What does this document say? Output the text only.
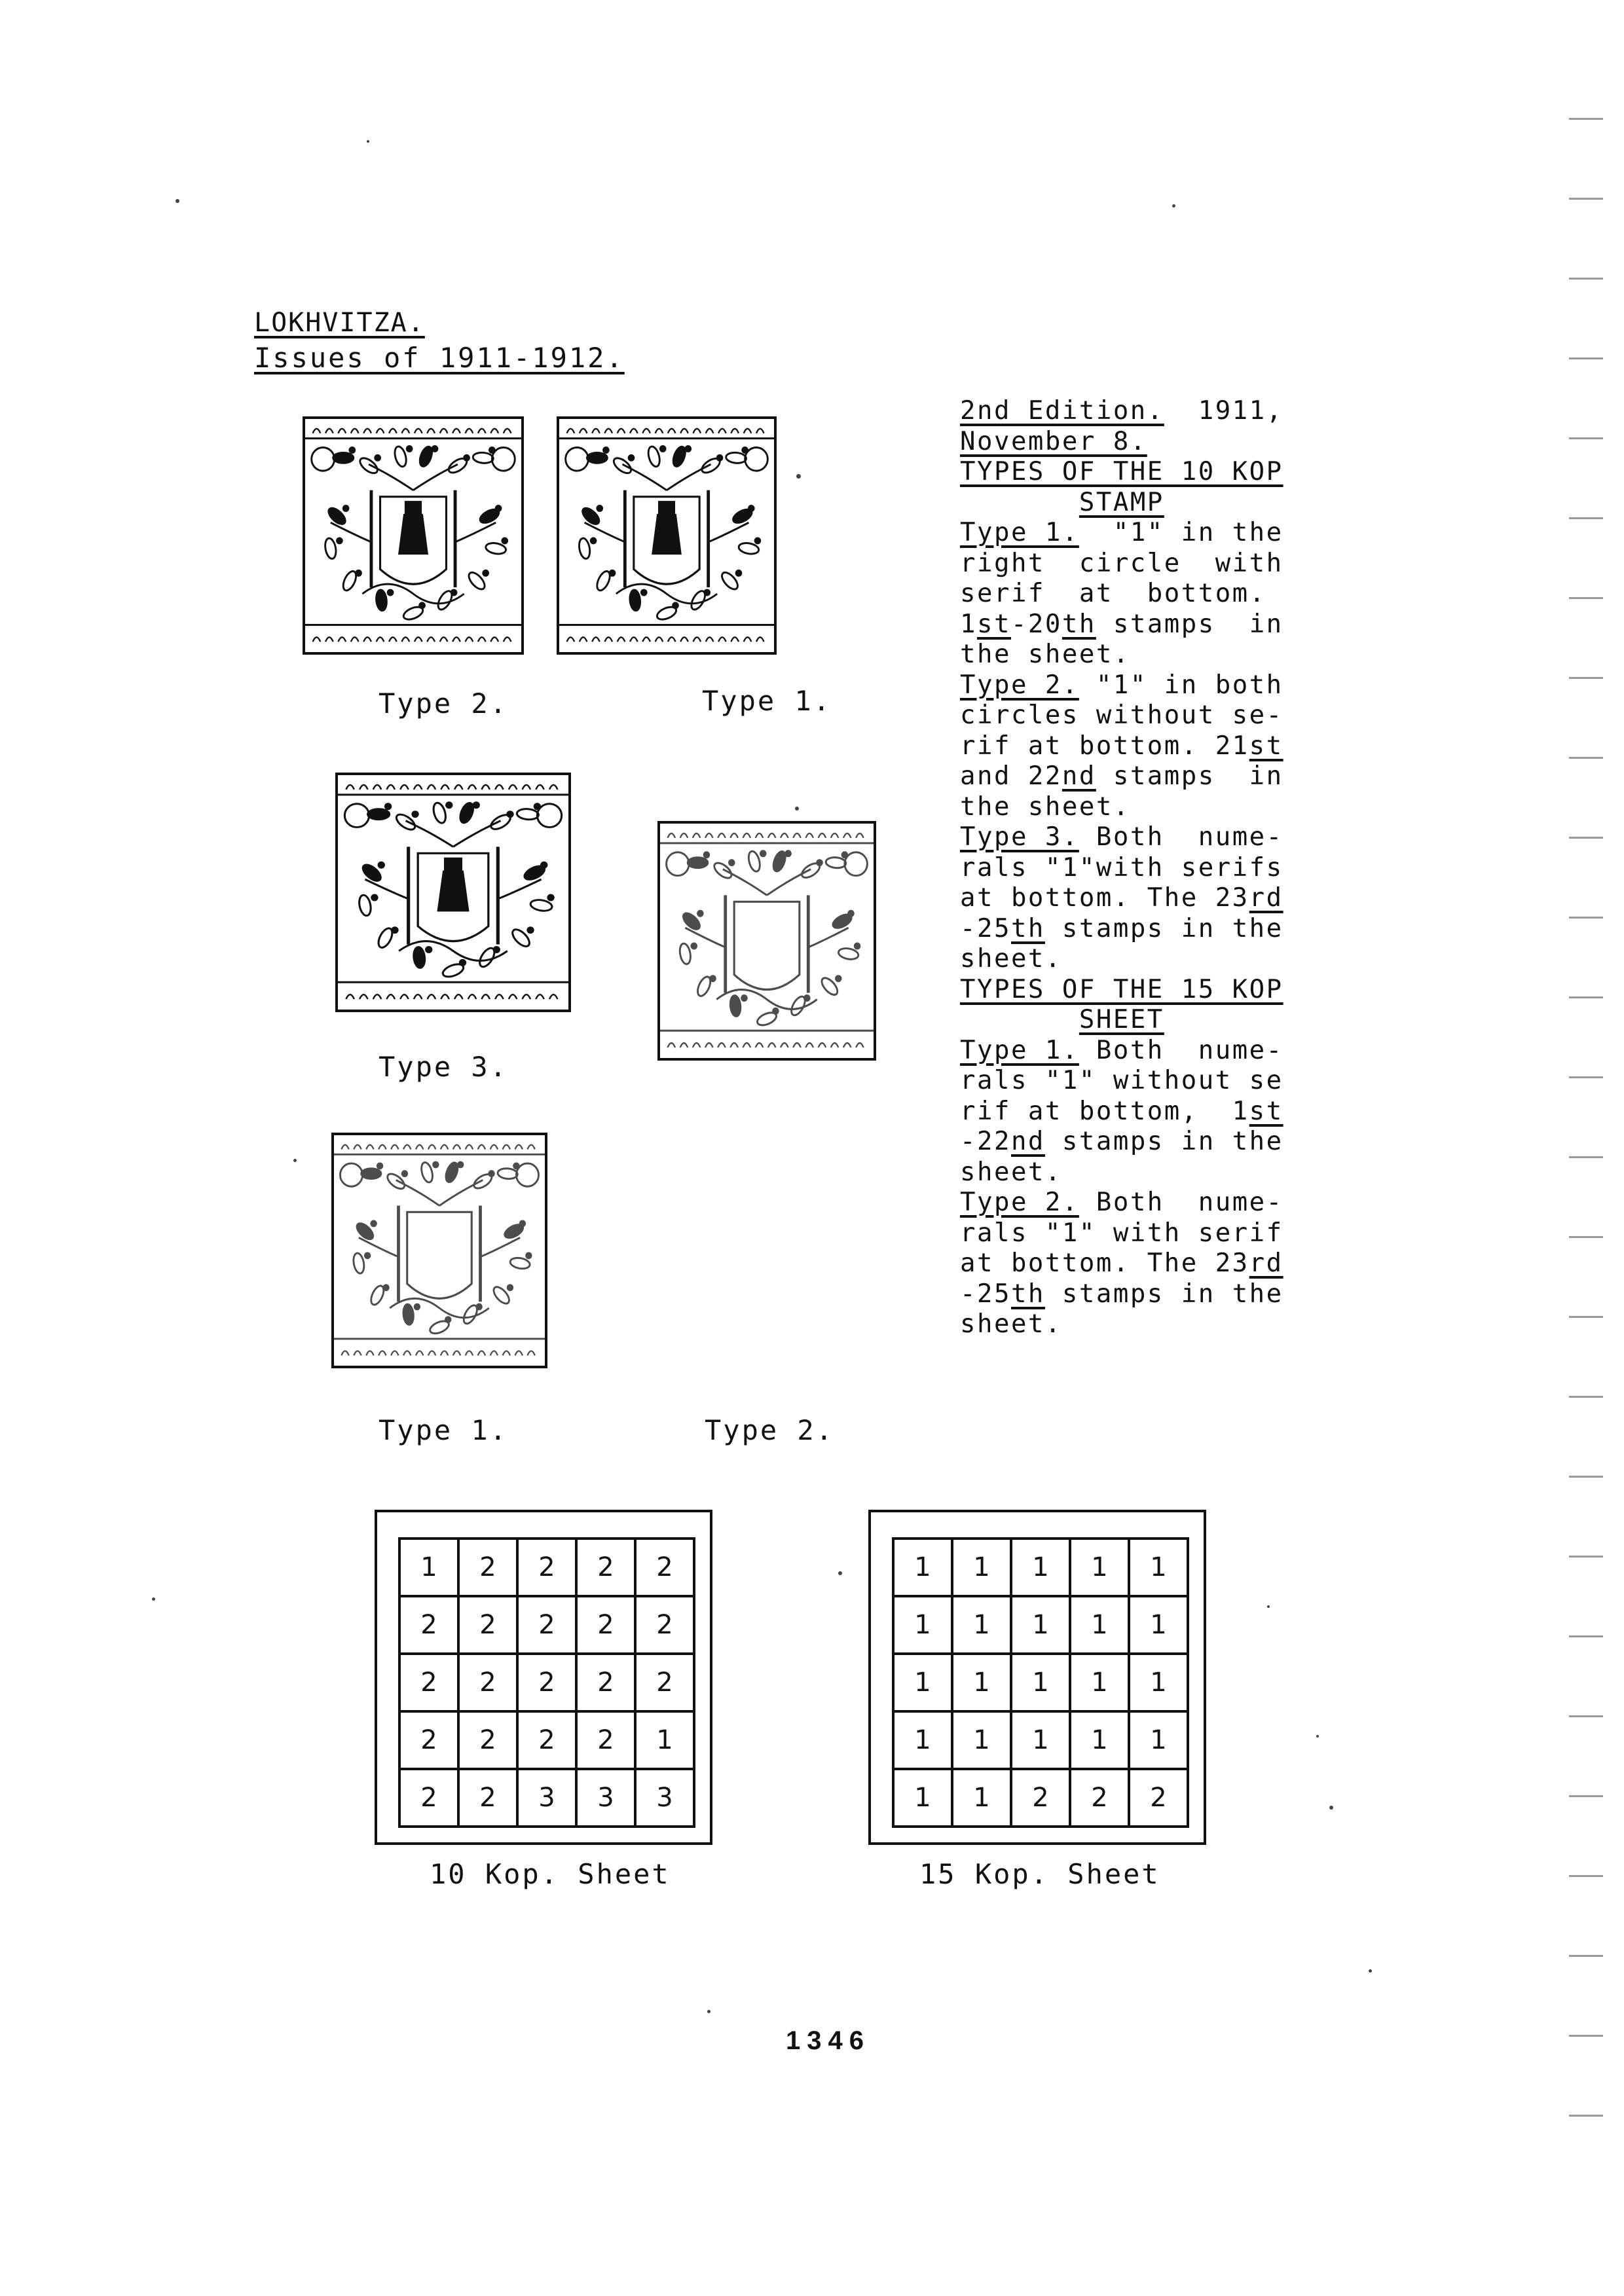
LOKHVITZA.
Issues of 1911-1912.
Type 2.	Type 1.
Type 3.
Type 1.	Type 2.

2nd Edition.  1911,

November 8.

TYPES OF THE 10 KOP

STAMP

Type 1.  "1" in the

right  circle  with

serif  at  bottom.

1st-20th stamps  in

the sheet.

Type 2. "1" in both

circles without se-

rif at bottom. 21st

and 22nd stamps  in

the sheet.

Type 3. Both  nume-

rals "1"with serifs

at bottom. The 23rd

-25th stamps in the

sheet.

TYPES OF THE 15 KOP

SHEET

Type 1. Both  nume-

rals "1" without se

rif at bottom,  1st

-22nd stamps in the

sheet.

Type 2. Both  nume-

rals "1" with serif

at bottom. The 23rd

-25th stamps in the

sheet.

1	2	2	2	2
2	2	2	2	2
2	2	2	2	2
2	2	2	2	1
2	2	3	3	3
10 Kop. Sheet
1	1	1	1	1
1	1	1	1	1
1	1	1	1	1
1	1	1	1	1
1	1	2	2	2
15 Kop. Sheet
1346
